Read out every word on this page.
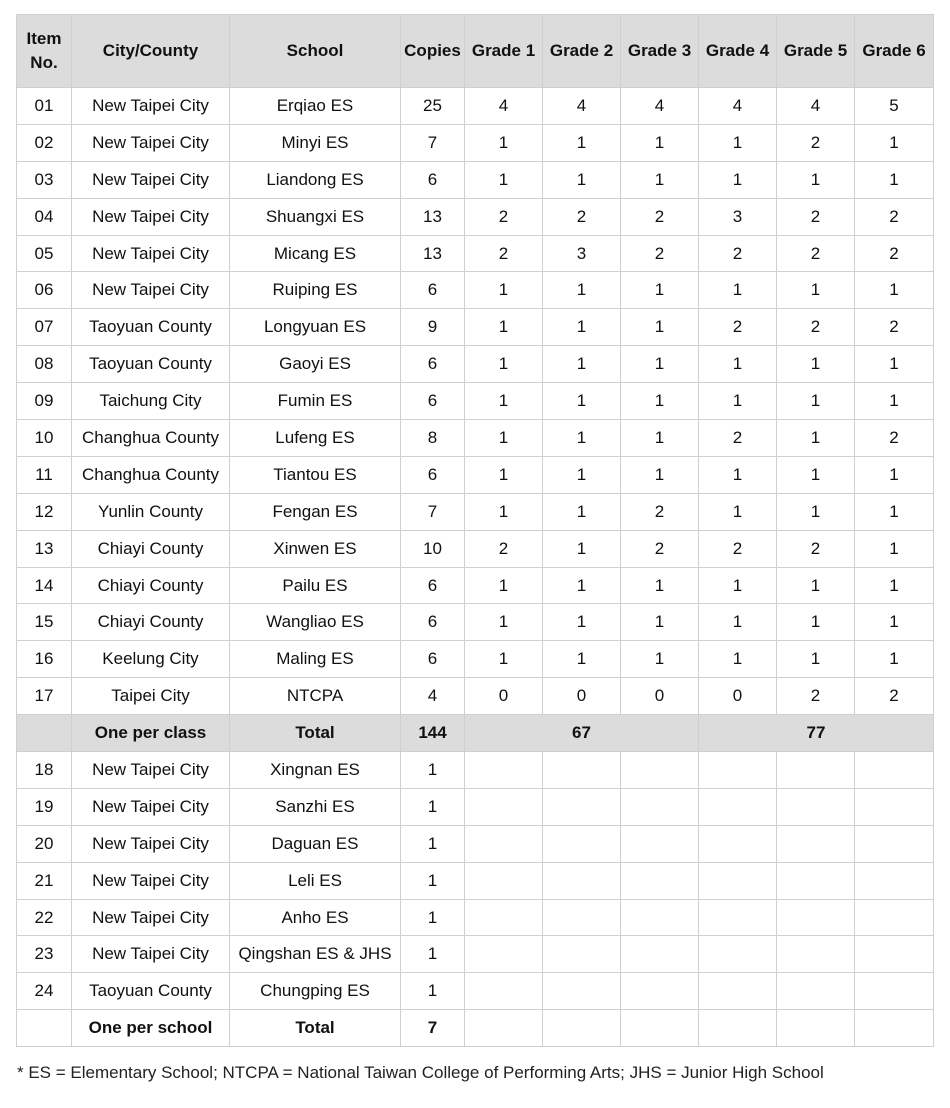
Item
No.	City/County	School	Copies	Grade 1	Grade 2	Grade 3	Grade 4	Grade 5	Grade 6
01	New Taipei City	Erqiao ES	25	4	4	4	4	4	5
02	New Taipei City	Minyi ES	7	1	1	1	1	2	1
03	New Taipei City	Liandong ES	6	1	1	1	1	1	1
04	New Taipei City	Shuangxi ES	13	2	2	2	3	2	2
05	New Taipei City	Micang ES	13	2	3	2	2	2	2
06	New Taipei City	Ruiping ES	6	1	1	1	1	1	1
07	Taoyuan County	Longyuan ES	9	1	1	1	2	2	2
08	Taoyuan County	Gaoyi ES	6	1	1	1	1	1	1
09	Taichung City	Fumin ES	6	1	1	1	1	1	1
10	Changhua County	Lufeng ES	8	1	1	1	2	1	2
11	Changhua County	Tiantou ES	6	1	1	1	1	1	1
12	Yunlin County	Fengan ES	7	1	1	2	1	1	1
13	Chiayi County	Xinwen ES	10	2	1	2	2	2	1
14	Chiayi County	Pailu ES	6	1	1	1	1	1	1
15	Chiayi County	Wangliao ES	6	1	1	1	1	1	1
16	Keelung City	Maling ES	6	1	1	1	1	1	1
17	Taipei City	NTCPA	4	0	0	0	0	2	2
	One per class	Total	144	67			77		
18	New Taipei City	Xingnan ES	1						
19	New Taipei City	Sanzhi ES	1						
20	New Taipei City	Daguan ES	1						
21	New Taipei City	Leli ES	1						
22	New Taipei City	Anho ES	1						
23	New Taipei City	Qingshan ES & JHS	1						
24	Taoyuan County	Chungping ES	1						
	One per school	Total	7						
* ES = Elementary School; NTCPA = National Taiwan College of Performing Arts; JHS = Junior High School
